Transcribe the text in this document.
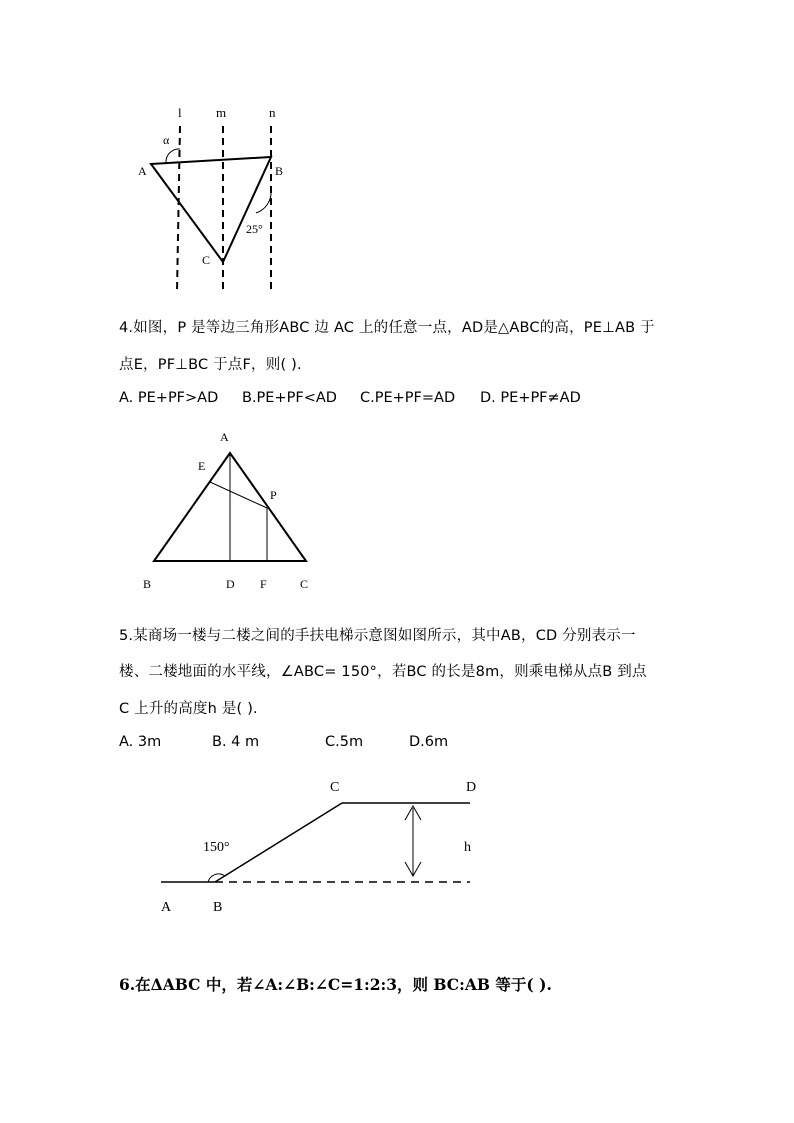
l	m	n
α
A	B
C
25°
4.如图，P 是等边三角形ABC 边 AC 上的任意一点，AD是△ABC的高，PE⊥AB 于
点E，PF⊥BC 于点F，则( ).
A. PE+PF>AD B.PE+PF<AD C.PE+PF=AD D. PE+PF≠AD
A
E
P
B	D F	C
5.某商场一楼与二楼之间的手扶电梯示意图如图所示，其中AB，CD 分别表示一
楼、二楼地面的水平线，∠ABC= 150°，若BC 的长是8m，则乘电梯从点B 到点
C 上升的高度h 是( ).
A. 3m	B. 4 m	C.5m	D.6m
C	D
150°	h
A	B
6.在ΔABC 中，若∠A:∠B:∠C=1:2:3，则 BC:AB 等于( ).
